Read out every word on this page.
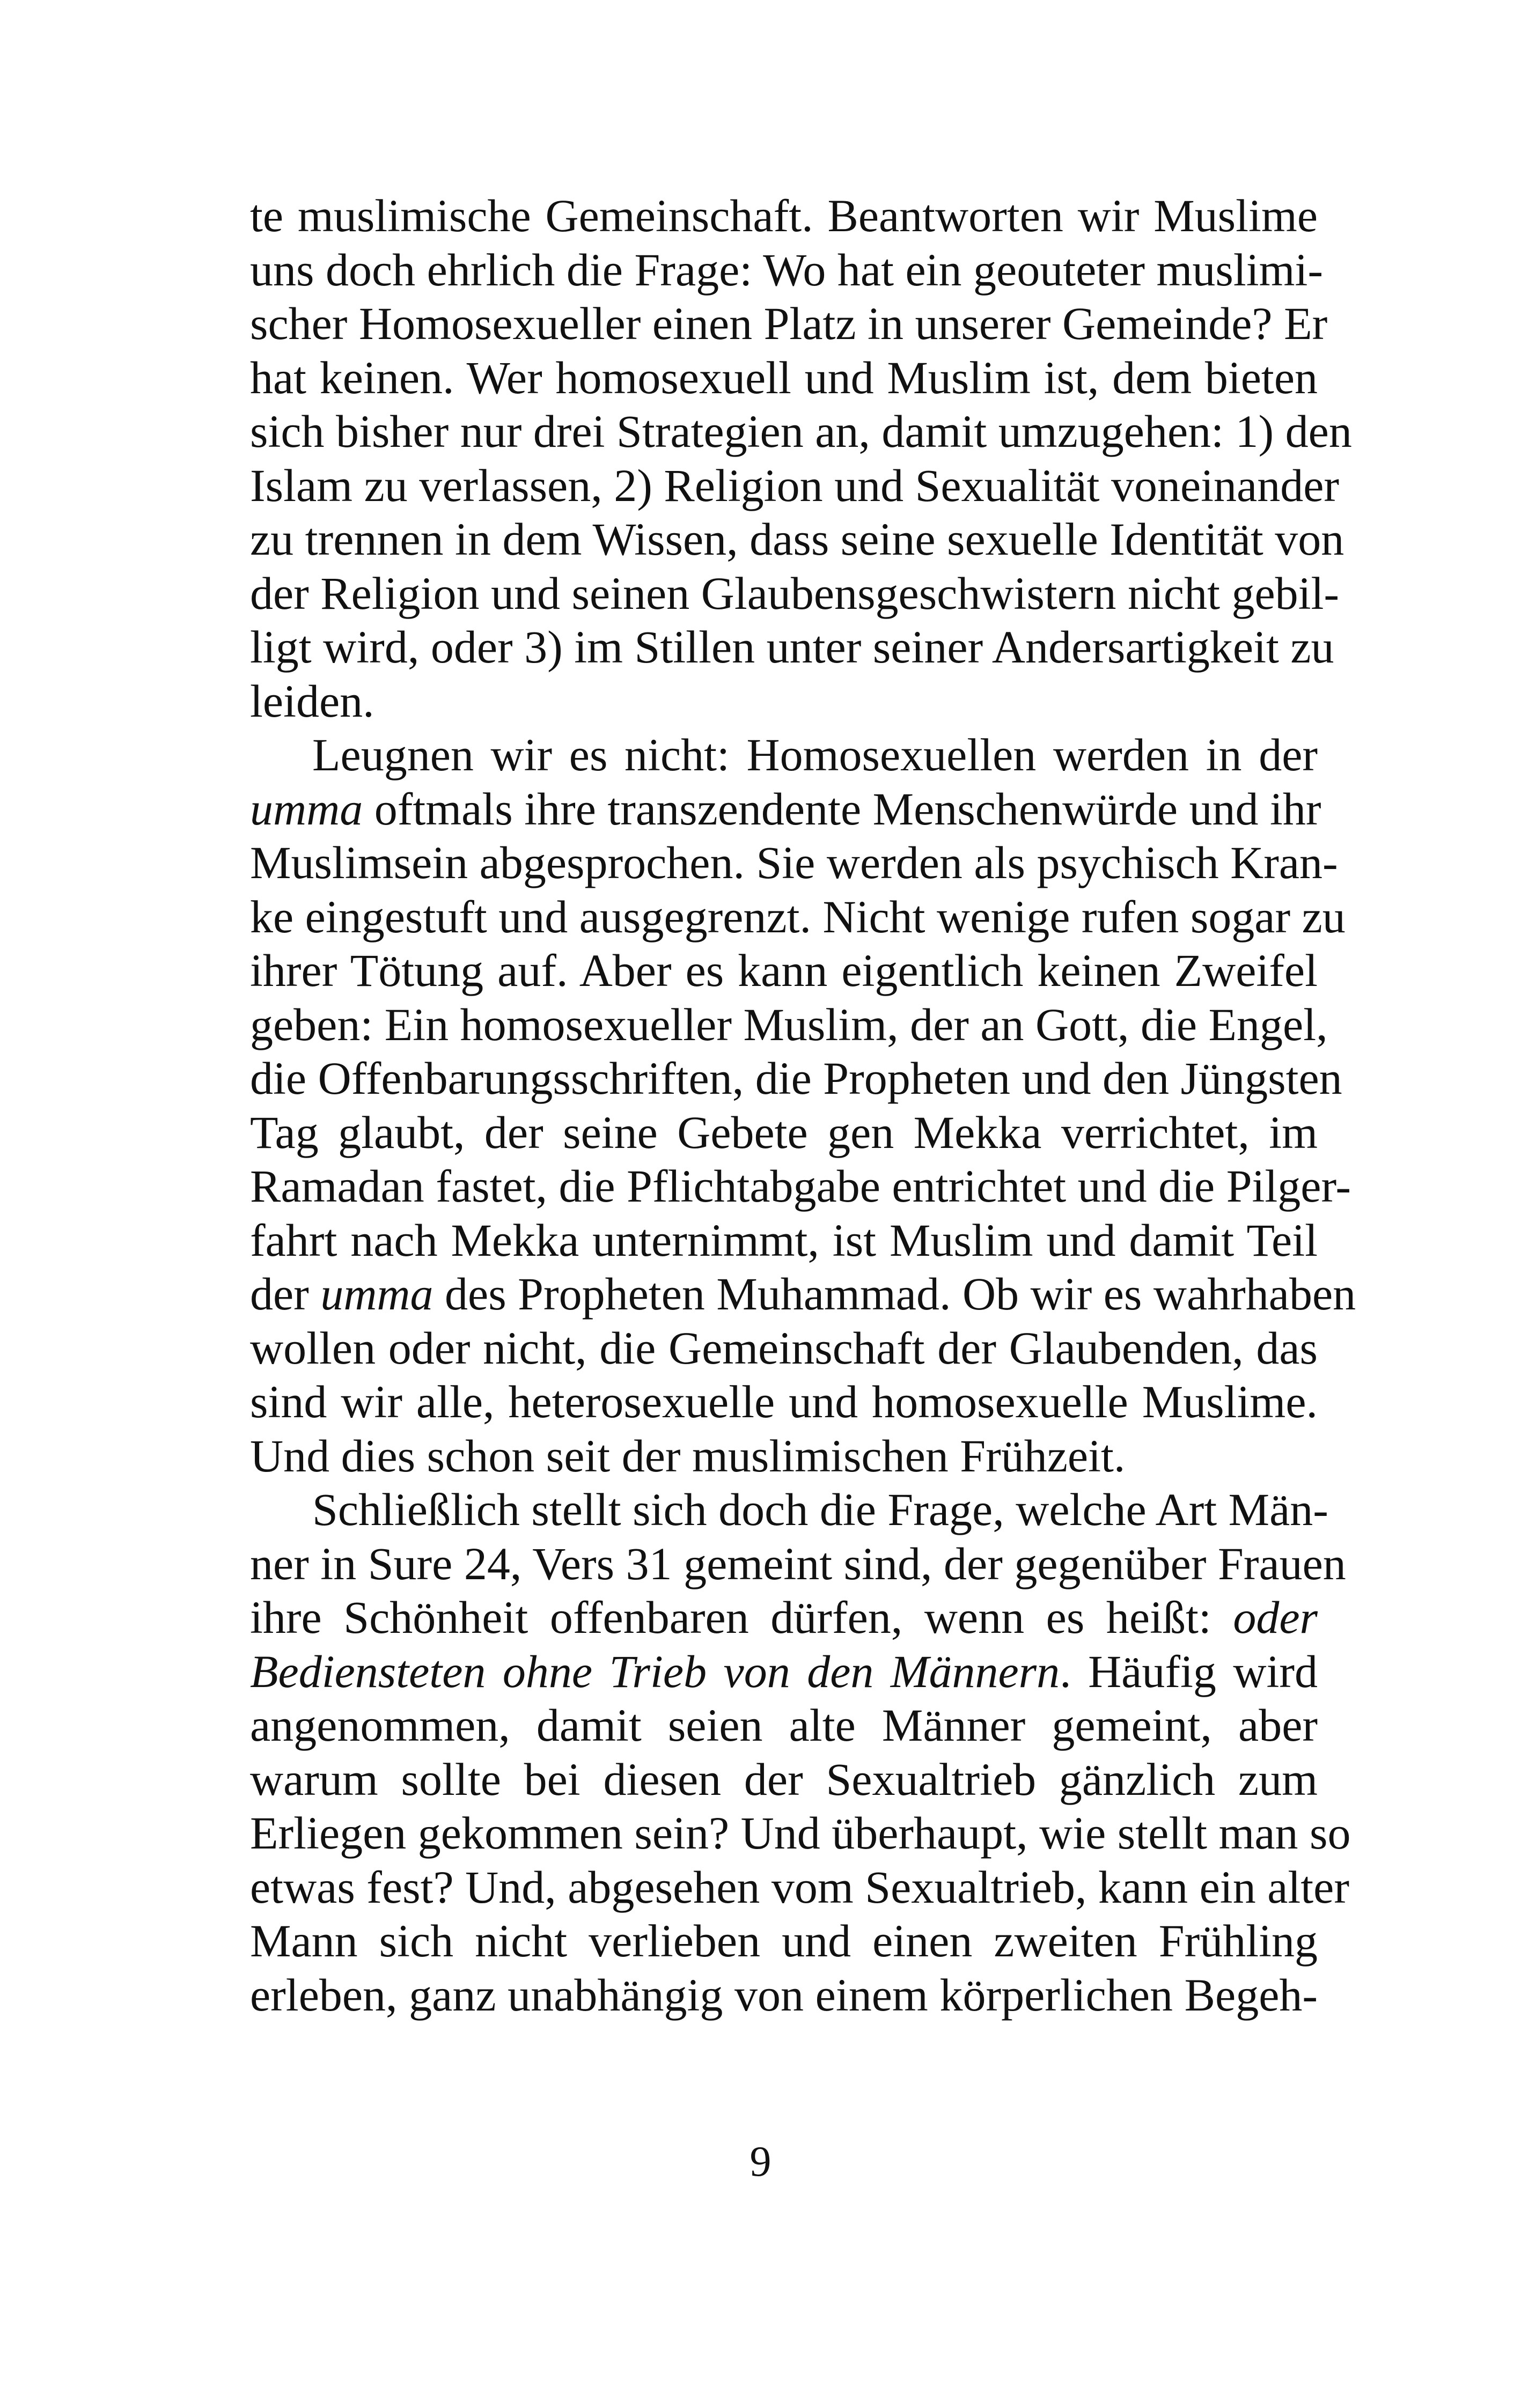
te muslimische Gemeinschaft. Beantworten wir Muslime
uns doch ehrlich die Frage: Wo hat ein geouteter muslimi-
scher Homosexueller einen Platz in unserer Gemeinde? Er
hat keinen. Wer homosexuell und Muslim ist, dem bieten
sich bisher nur drei Strategien an, damit umzugehen: 1) den
Islam zu verlassen, 2) Religion und Sexualität voneinander
zu trennen in dem Wissen, dass seine sexuelle Identität von
der Religion und seinen Glaubensgeschwistern nicht gebil-
ligt wird, oder 3) im Stillen unter seiner Andersartigkeit zu
leiden.
Leugnen wir es nicht: Homosexuellen werden in der
umma oftmals ihre transzendente Menschenwürde und ihr
Muslimsein abgesprochen. Sie werden als psychisch Kran-
ke eingestuft und ausgegrenzt. Nicht wenige rufen sogar zu
ihrer Tötung auf. Aber es kann eigentlich keinen Zweifel
geben: Ein homosexueller Muslim, der an Gott, die Engel,
die Offenbarungsschriften, die Propheten und den Jüngsten
Tag glaubt, der seine Gebete gen Mekka verrichtet, im
Ramadan fastet, die Pflichtabgabe entrichtet und die Pilger-
fahrt nach Mekka unternimmt, ist Muslim und damit Teil
der umma des Propheten Muhammad. Ob wir es wahrhaben
wollen oder nicht, die Gemeinschaft der Glaubenden, das
sind wir alle, heterosexuelle und homosexuelle Muslime.
Und dies schon seit der muslimischen Frühzeit.
Schließlich stellt sich doch die Frage, welche Art Män-
ner in Sure 24, Vers 31 gemeint sind, der gegenüber Frauen
ihre Schönheit offenbaren dürfen, wenn es heißt: oder
Bediensteten ohne Trieb von den Männern. Häufig wird
angenommen, damit seien alte Männer gemeint, aber
warum sollte bei diesen der Sexualtrieb gänzlich zum
Erliegen gekommen sein? Und überhaupt, wie stellt man so
etwas fest? Und, abgesehen vom Sexualtrieb, kann ein alter
Mann sich nicht verlieben und einen zweiten Frühling
erleben, ganz unabhängig von einem körperlichen Begeh-
9
